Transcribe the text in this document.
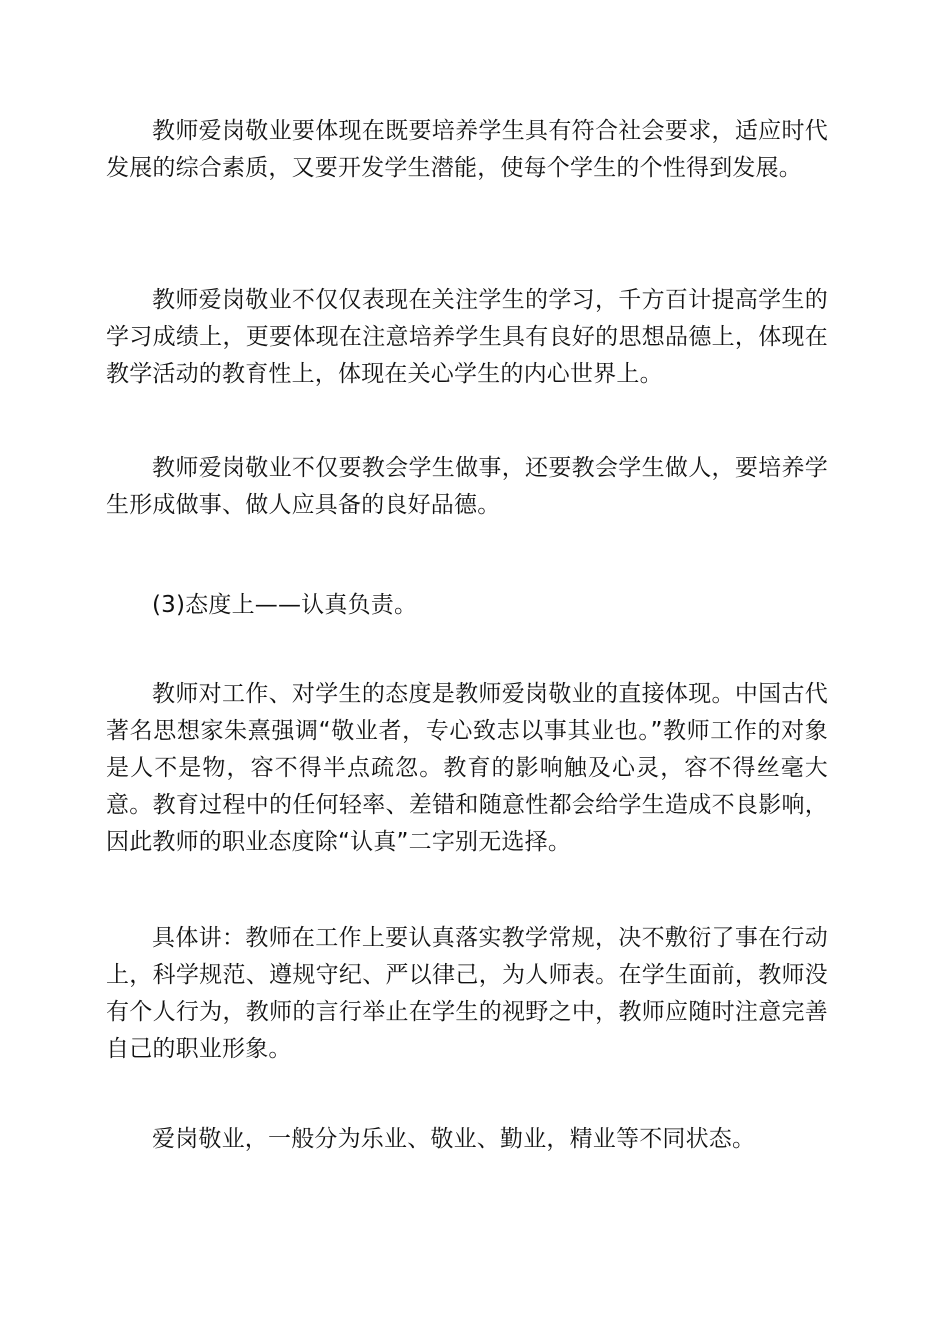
教师爱岗敬业要体现在既要培养学生具有符合社会要求，适应时代发展的综合素质，又要开发学生潜能，使每个学生的个性得到发展。

教师爱岗敬业不仅仅表现在关注学生的学习，千方百计提高学生的学习成绩上，更要体现在注意培养学生具有良好的思想品德上，体现在教学活动的教育性上，体现在关心学生的内心世界上。

教师爱岗敬业不仅要教会学生做事，还要教会学生做人，要培养学生形成做事、做人应具备的良好品德。

(3)态度上——认真负责。

教师对工作、对学生的态度是教师爱岗敬业的直接体现。中国古代著名思想家朱熹强调“敬业者，专心致志以事其业也。”教师工作的对象是人不是物，容不得半点疏忽。教育的影响触及心灵，容不得丝毫大意。教育过程中的任何轻率、差错和随意性都会给学生造成不良影响，因此教师的职业态度除“认真”二字别无选择。

具体讲：教师在工作上要认真落实教学常规，决不敷衍了事在行动上，科学规范、遵规守纪、严以律己，为人师表。在学生面前，教师没有个人行为，教师的言行举止在学生的视野之中，教师应随时注意完善自己的职业形象。

爱岗敬业，一般分为乐业、敬业、勤业，精业等不同状态。
